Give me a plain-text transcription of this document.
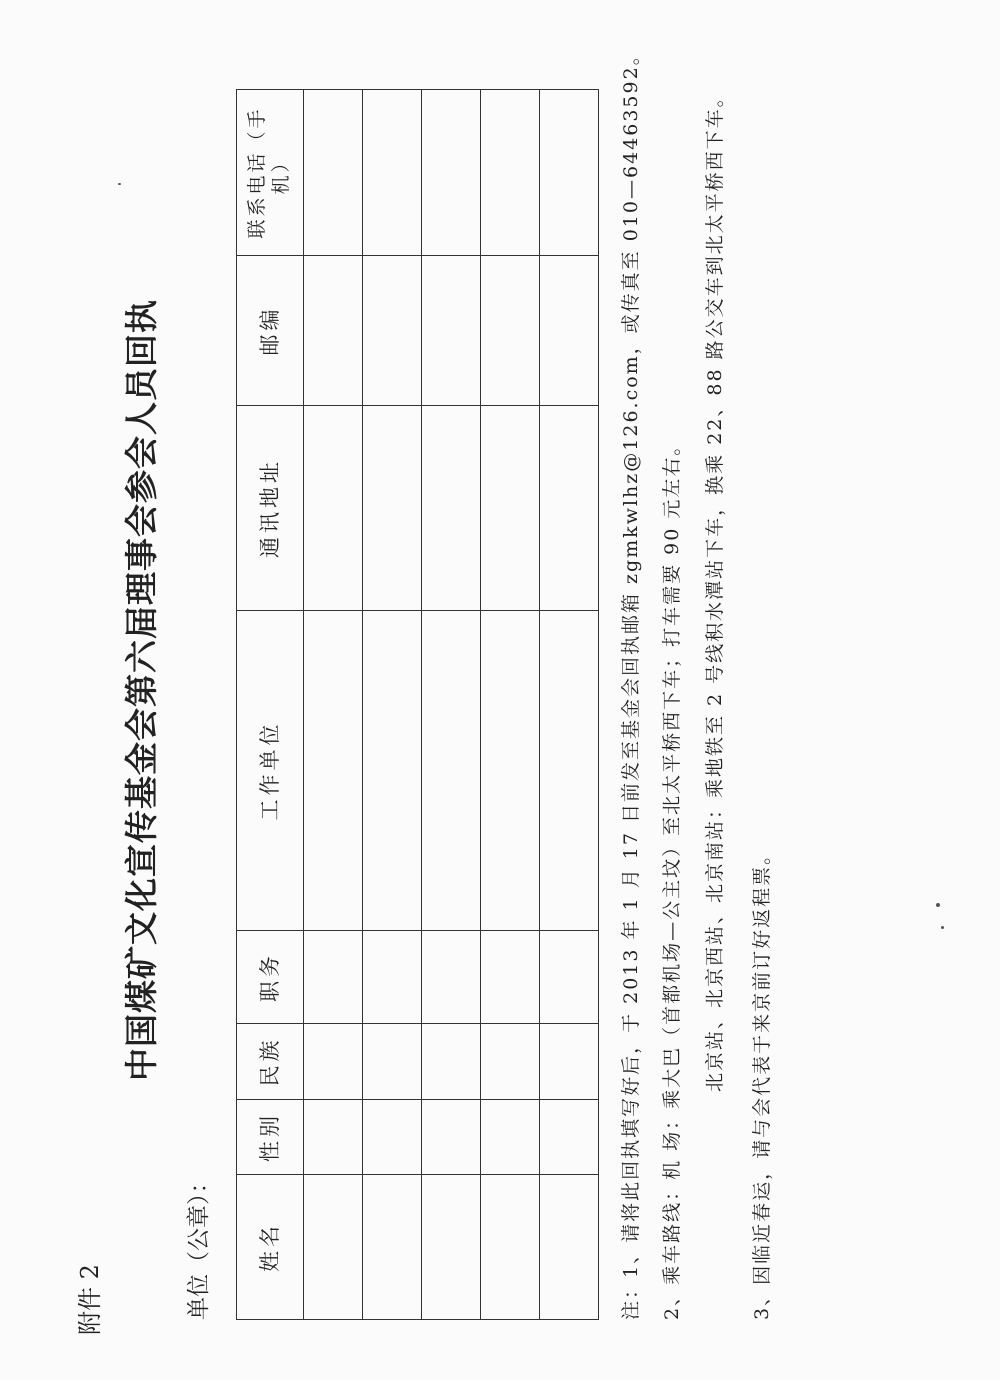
附件 2
中国煤矿文化宣传基金会第六届理事会参会人员回执
单位（公章）： 姓名	性别	民族	职务	工作单位	通讯地址	邮编	联系电话（手机）

								注：1、请将此回执填写好后，于 2013 年 1 月 17 日前发至基金会回执邮箱 zgmkwlhz@126.com，或传真至 010—64463592。 2、乘车路线：机 场：乘大巴（首都机场—公主坟）至北太平桥西下车；打车需要 90 元左右。 北京站、北京西站、北京南站：乘地铁至 2 号线积水潭站下车，换乘 22、88 路公交车到北太平桥西下车。 3、因临近春运，请与会代表于来京前订好返程票。
